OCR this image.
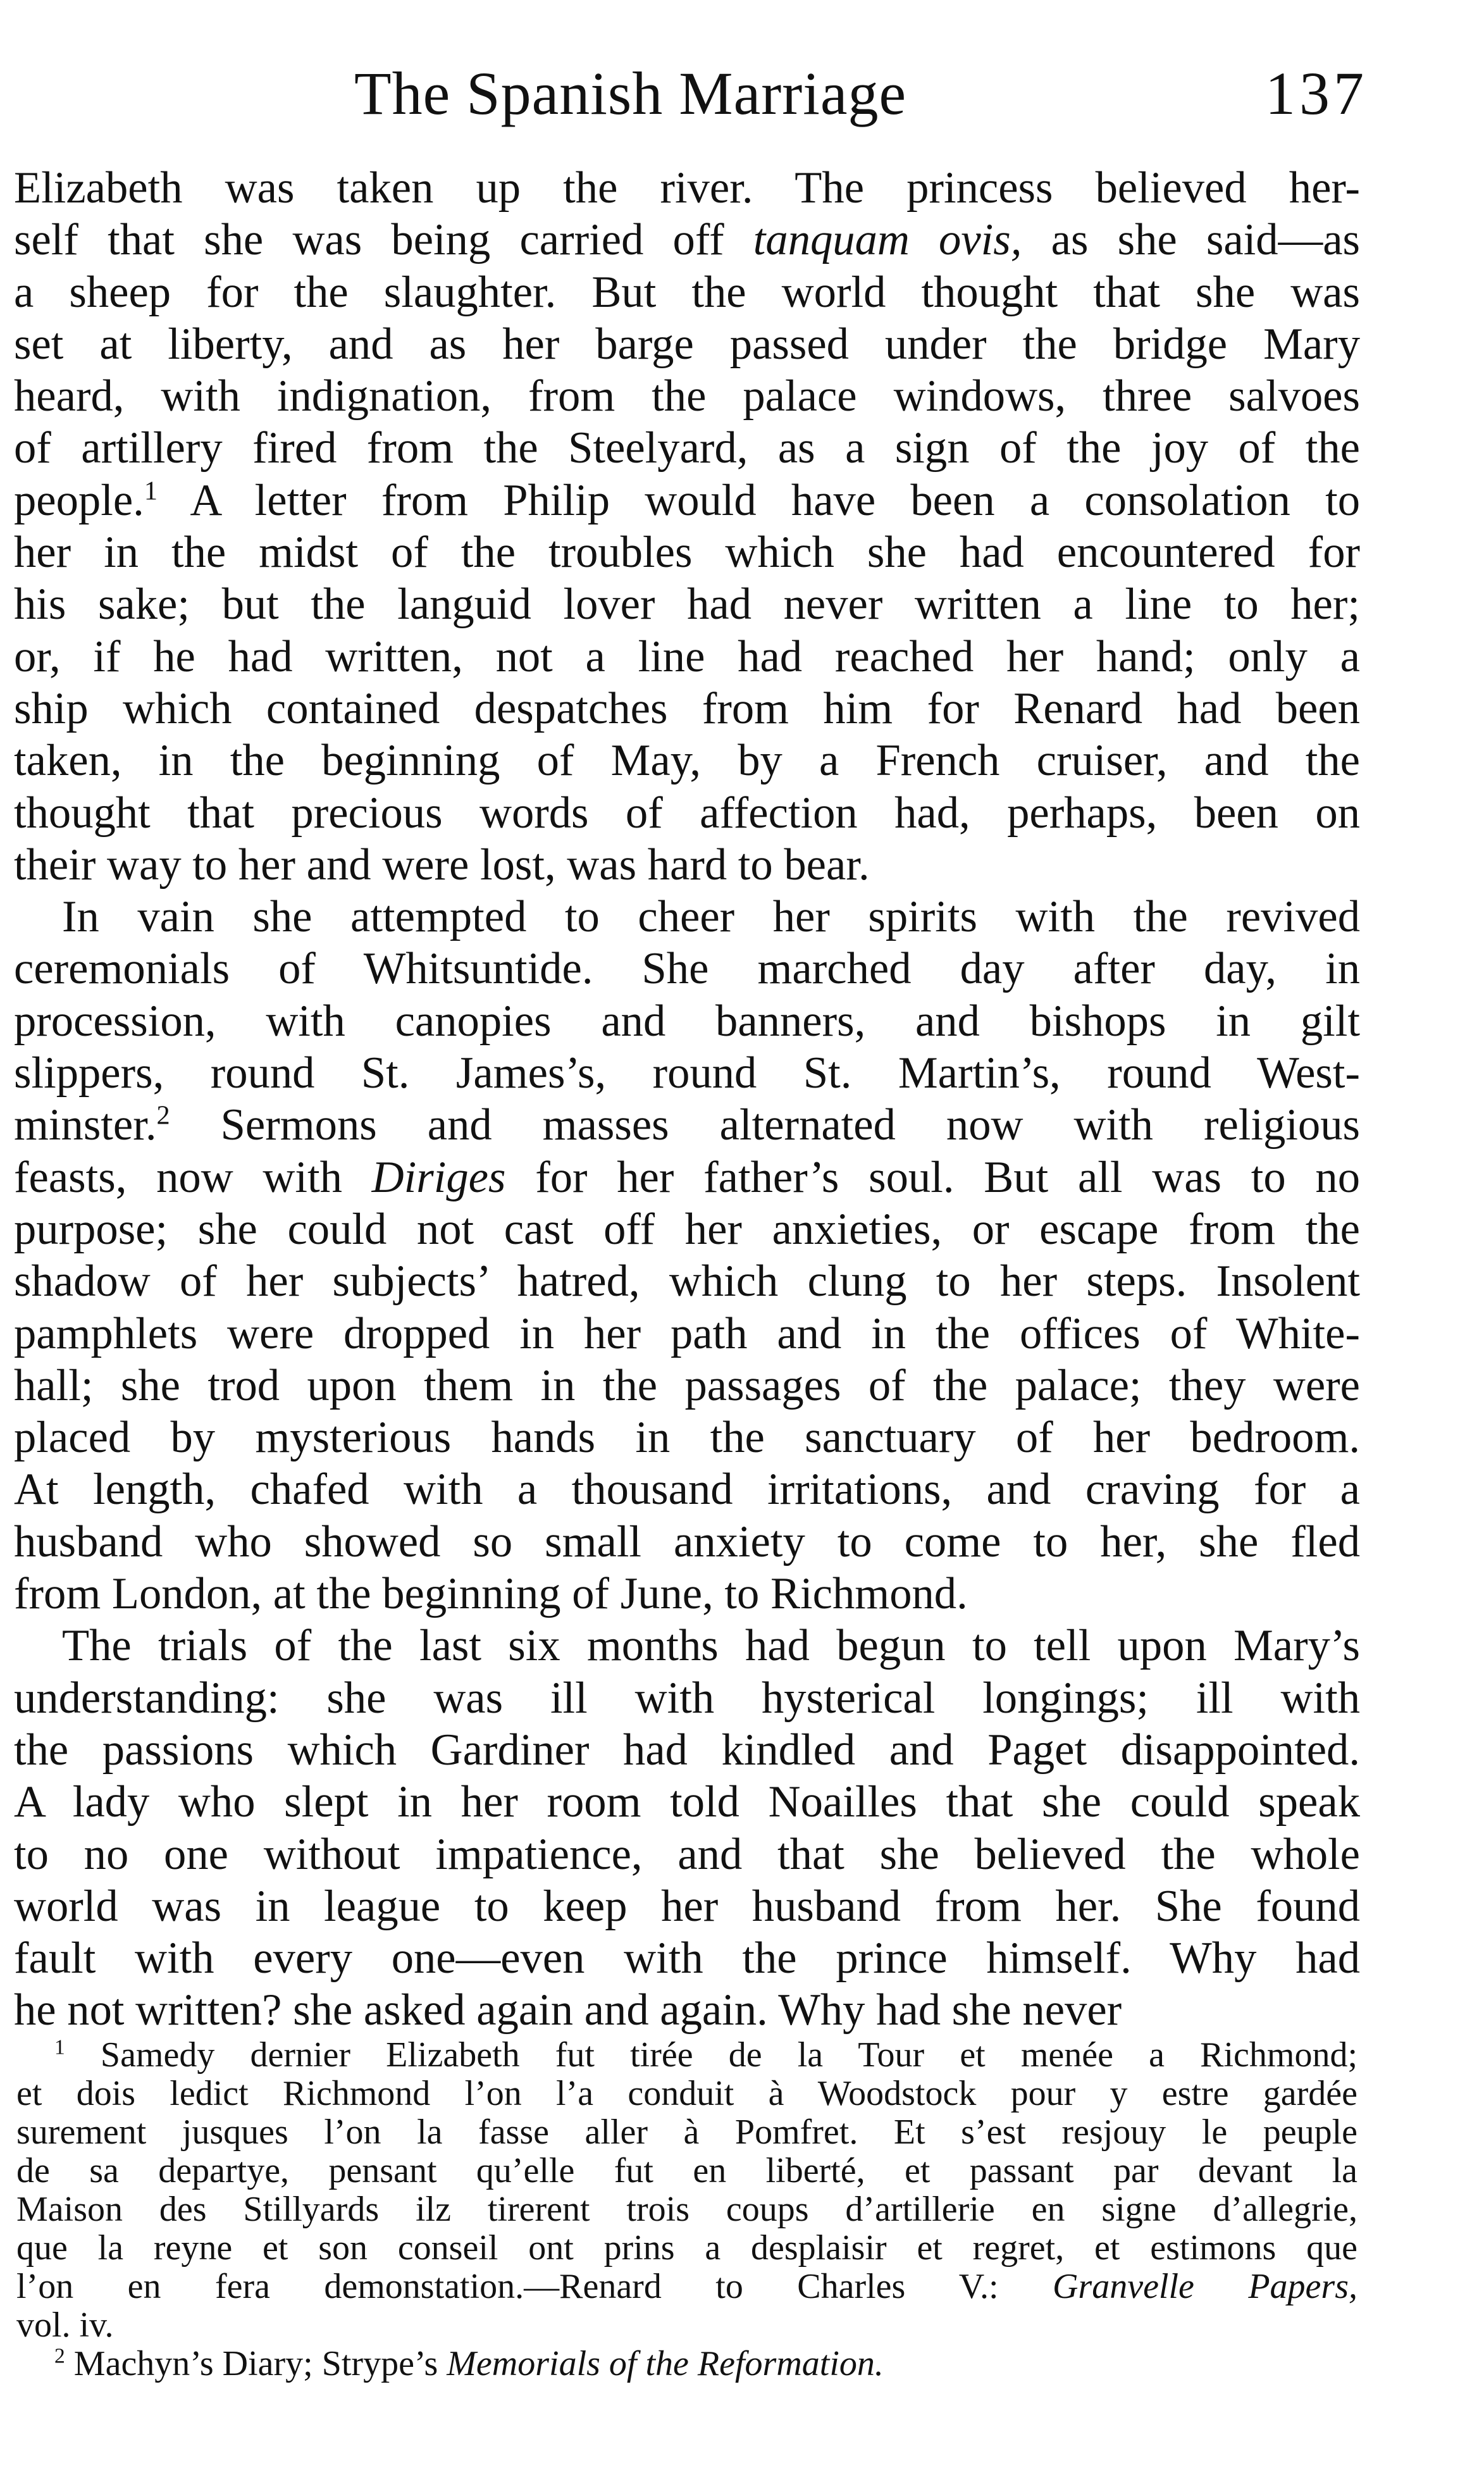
The Spanish Marriage	137
Elizabeth was taken up the river. The princess believed her-
self that she was being carried off tanquam ovis, as she said—as
a sheep for the slaughter. But the world thought that she was
set at liberty, and as her barge passed under the bridge Mary
heard, with indignation, from the palace windows, three salvoes
of artillery fired from the Steelyard, as a sign of the joy of the
people.$^1$ A letter from Philip would have been a consolation to
her in the midst of the troubles which she had encountered for
his sake; but the languid lover had never written a line to her;
or, if he had written, not a line had reached her hand; only a
ship which contained despatches from him for Renard had been
taken, in the beginning of May, by a French cruiser, and the
thought that precious words of affection had, perhaps, been on
their way to her and were lost, was hard to bear.
In vain she attempted to cheer her spirits with the revived
ceremonials of Whitsuntide. She marched day after day, in
procession, with canopies and banners, and bishops in gilt
slippers, round St. James’s, round St. Martin’s, round West-
minster.$^2$ Sermons and masses alternated now with religious
feasts, now with Diriges for her father’s soul. But all was to no
purpose; she could not cast off her anxieties, or escape from the
shadow of her subjects’ hatred, which clung to her steps. Insolent
pamphlets were dropped in her path and in the offices of White-
hall; she trod upon them in the passages of the palace; they were
placed by mysterious hands in the sanctuary of her bedroom.
At length, chafed with a thousand irritations, and craving for a
husband who showed so small anxiety to come to her, she fled
from London, at the beginning of June, to Richmond.
The trials of the last six months had begun to tell upon Mary’s
understanding: she was ill with hysterical longings; ill with
the passions which Gardiner had kindled and Paget disappointed.
A lady who slept in her room told Noailles that she could speak
to no one without impatience, and that she believed the whole
world was in league to keep her husband from her. She found
fault with every one—even with the prince himself. Why had
he not written? she asked again and again. Why had she never
$^1$ Samedy dernier Elizabeth fut tirée de la Tour et menée a Richmond;
et dois ledict Richmond l’on l’a conduit à Woodstock pour y estre gardée
surement jusques l’on la fasse aller à Pomfret. Et s’est resjouy le peuple
de sa departye, pensant qu’elle fut en liberté, et passant par devant la
Maison des Stillyards ilz tirerent trois coups d’artillerie en signe d’allegrie,
que la reyne et son conseil ont prins a desplaisir et regret, et estimons que
l’on en fera demonstation.—Renard to Charles V.: Granvelle Papers,
vol. iv.
$^2$ Machyn’s Diary; Strype’s Memorials of the Reformation.
